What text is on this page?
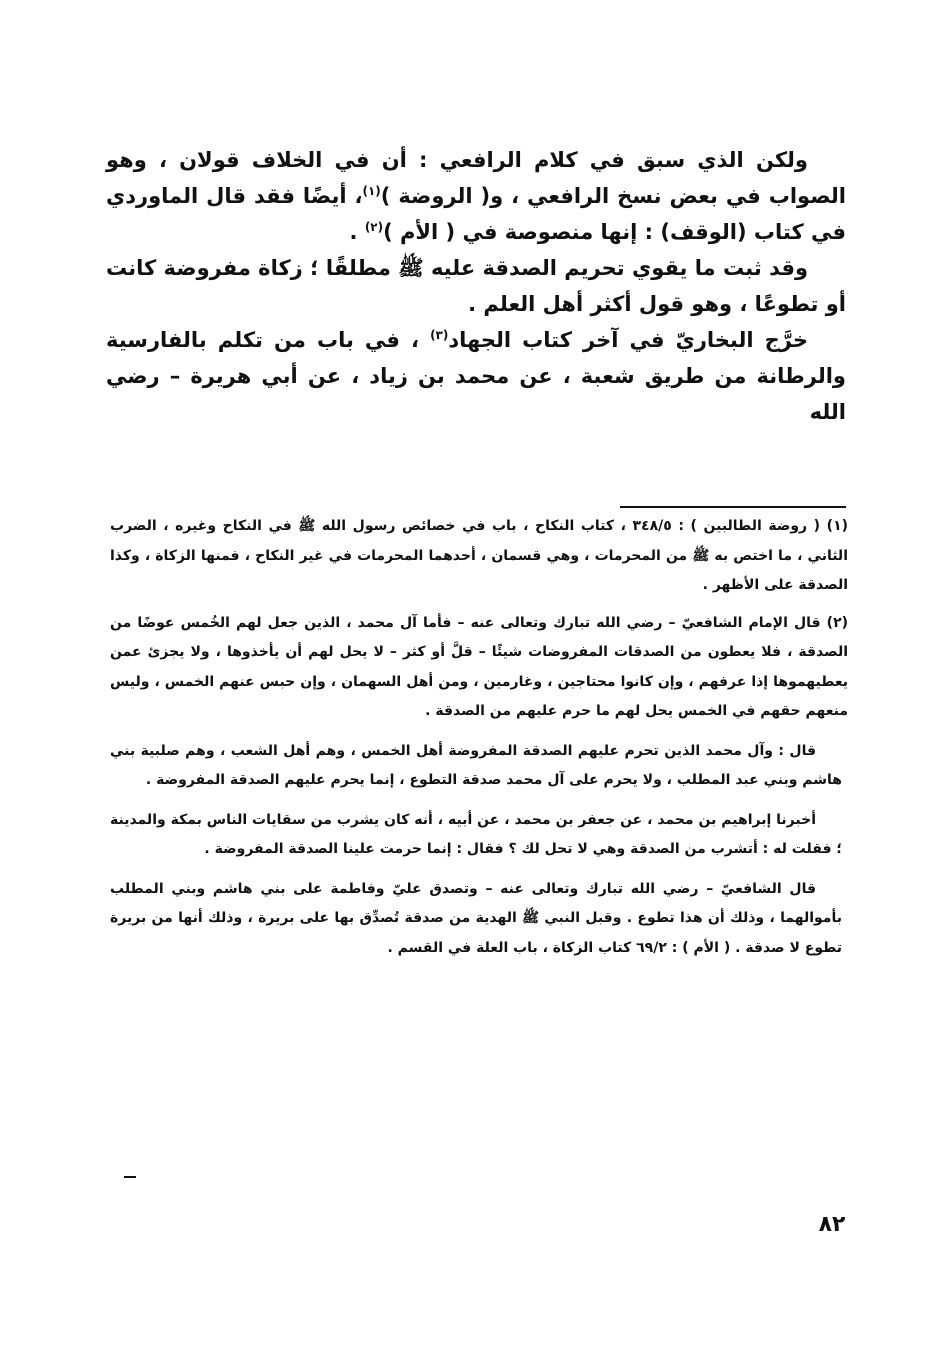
ولكن الذي سبق في كلام الرافعي : أن في الخلاف قولان ، وهو الصواب في بعض نسخ الرافعي ، و( الروضة )$^{(١)}$، أيضًا فقد قال الماوردي في كتاب (الوقف) : إنها منصوصة في ( الأم )$^{(٢)}$ .

وقد ثبت ما يقوي تحريم الصدقة عليه ﷺ مطلقًا ؛ زكاة مفروضة كانت أو تطوعًا ، وهو قول أكثر أهل العلم .

خرَّج البخاريّ في آخر كتاب الجهاد$^{(٣)}$ ، في باب من تكلم بالفارسية والرطانة من طريق شعبة ، عن محمد بن زياد ، عن أبي هريرة – رضي الله

(١) ( روضة الطالبين ) : ٣٤٨/٥ ، كتاب النكاح ، باب في خصائص رسول الله ﷺ في النكاح وغيره ، الضرب الثاني ، ما اختص به ﷺ من المحرمات ، وهي قسمان ، أحدهما المحرمات في غير النكاح ، فمنها الزكاة ، وكذا الصدقة على الأظهر .

(٢) قال الإمام الشافعيّ – رضي الله تبارك وتعالى عنه – فأما آل محمد ، الذين جعل لهم الخُمس عوضًا من الصدقة ، فلا يعطون من الصدقات المفروضات شيئًا – قلَّ أو كثر – لا يحل لهم أن يأخذوها ، ولا يجزئ عمن يعطيهموها إذا عرفهم ، وإن كانوا محتاجين ، وغارمين ، ومن أهل السهمان ، وإن حبس عنهم الخمس ، وليس منعهم حقهم في الخمس يحل لهم ما حرم عليهم من الصدقة .

قال : وآل محمد الذين تحرم عليهم الصدقة المفروضة أهل الخمس ، وهم أهل الشعب ، وهم صلبية بني هاشم وبني عبد المطلب ، ولا يحرم على آل محمد صدقة التطوع ، إنما يحرم عليهم الصدقة المفروضة .

أخبرنا إبراهيم بن محمد ، عن جعفر بن محمد ، عن أبيه ، أنه كان يشرب من سقايات الناس بمكة والمدينة ؛ فقلت له : أتشرب من الصدقة وهي لا تحل لك ؟ فقال : إنما حرمت علينا الصدقة المفروضة .

قال الشافعيّ – رضي الله تبارك وتعالى عنه – وتصدق عليّ وفاطمة على بني هاشم وبني المطلب بأموالهما ، وذلك أن هذا تطوع . وقبل النبي ﷺ الهدية من صدقة تُصدِّق بها على بريرة ، وذلك أنها من بريرة تطوع لا صدقة . ( الأم ) : ٦٩/٢ كتاب الزكاة ، باب العلة في القسم .

٨٢
